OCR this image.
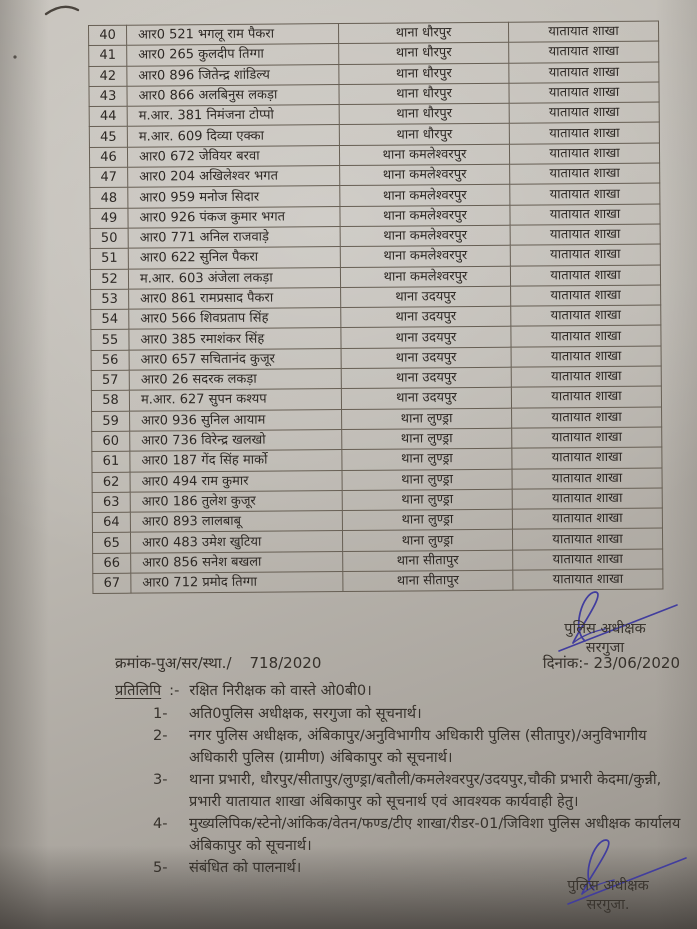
40	आर0 521 भगलू राम पैकरा	थाना धौरपुर	यातायात शाखा
41	आर0 265 कुलदीप तिग्गा	थाना धौरपुर	यातायात शाखा
42	आर0 896 जितेन्द्र शांडिल्य	थाना धौरपुर	यातायात शाखा
43	आर0 866 अलबिनुस लकड़ा	थाना धौरपुर	यातायात शाखा
44	म.आर. 381 निमंजना टोप्पो	थाना धौरपुर	यातायात शाखा
45	म.आर. 609 दिव्या एक्का	थाना धौरपुर	यातायात शाखा
46	आर0 672 जेवियर बरवा	थाना कमलेश्वरपुर	यातायात शाखा
47	आर0 204 अखिलेश्वर भगत	थाना कमलेश्वरपुर	यातायात शाखा
48	आर0 959 मनोज सिदार	थाना कमलेश्वरपुर	यातायात शाखा
49	आर0 926 पंकज कुमार भगत	थाना कमलेश्वरपुर	यातायात शाखा
50	आर0 771 अनिल राजवाड़े	थाना कमलेश्वरपुर	यातायात शाखा
51	आर0 622 सुनिल पैकरा	थाना कमलेश्वरपुर	यातायात शाखा
52	म.आर. 603 अंजेला लकड़ा	थाना कमलेश्वरपुर	यातायात शाखा
53	आर0 861 रामप्रसाद पैकरा	थाना उदयपुर	यातायात शाखा
54	आर0 566 शिवप्रताप सिंह	थाना उदयपुर	यातायात शाखा
55	आर0 385 रमाशंकर सिंह	थाना उदयपुर	यातायात शाखा
56	आर0 657 सचितानंद कुजूर	थाना उदयपुर	यातायात शाखा
57	आर0 26 सदरक लकड़ा	थाना उदयपुर	यातायात शाखा
58	म.आर. 627 सुपन कश्यप	थाना उदयपुर	यातायात शाखा
59	आर0 936 सुनिल आयाम	थाना लुण्ड्रा	यातायात शाखा
60	आर0 736 विरेन्द्र खलखो	थाना लुण्ड्रा	यातायात शाखा
61	आर0 187 गेंद सिंह मार्को	थाना लुण्ड्रा	यातायात शाखा
62	आर0 494 राम कुमार	थाना लुण्ड्रा	यातायात शाखा
63	आर0 186 तुलेश कुजूर	थाना लुण्ड्रा	यातायात शाखा
64	आर0 893 लालबाबू	थाना लुण्ड्रा	यातायात शाखा
65	आर0 483 उमेश खुटिया	थाना लुण्ड्रा	यातायात शाखा
66	आर0 856 सनेश बखला	थाना सीतापुर	यातायात शाखा
67	आर0 712 प्रमोद तिग्गा	थाना सीतापुर	यातायात शाखा
पुलिस अधीक्षक
सरगुजा
क्रमांक-पुअ/सर/स्था./ 718/2020	दिनांक:- 23/06/2020
प्रतिलिपि :- रक्षित निरीक्षक को वास्ते ओ0बी0।
1-	अति0पुलिस अधीक्षक, सरगुजा को सूचनार्थ।
2-	नगर पुलिस अधीक्षक, अंबिकापुर/अनुविभागीय अधिकारी पुलिस (सीतापुर)/अनुविभागीय अधिकारी पुलिस (ग्रामीण) अंबिकापुर को सूचनार्थ।
3-	थाना प्रभारी, धौरपुर/सीतापुर/लुण्ड्रा/बतौली/कमलेश्वरपुर/उदयपुर,चौकी प्रभारी केदमा/कुन्नी, प्रभारी यातायात शाखा अंबिकापुर को सूचनार्थ एवं आवश्यक कार्यवाही हेतु।
4-	मुख्यलिपिक/स्टेनो/आंकिक/वेतन/फण्ड/टीए शाखा/रीडर-01/जिविशा पुलिस अधीक्षक कार्यालय अंबिकापुर को सूचनार्थ।
5-	संबंधित को पालनार्थ।
पुलिस अधीक्षक
सरगुजा.
